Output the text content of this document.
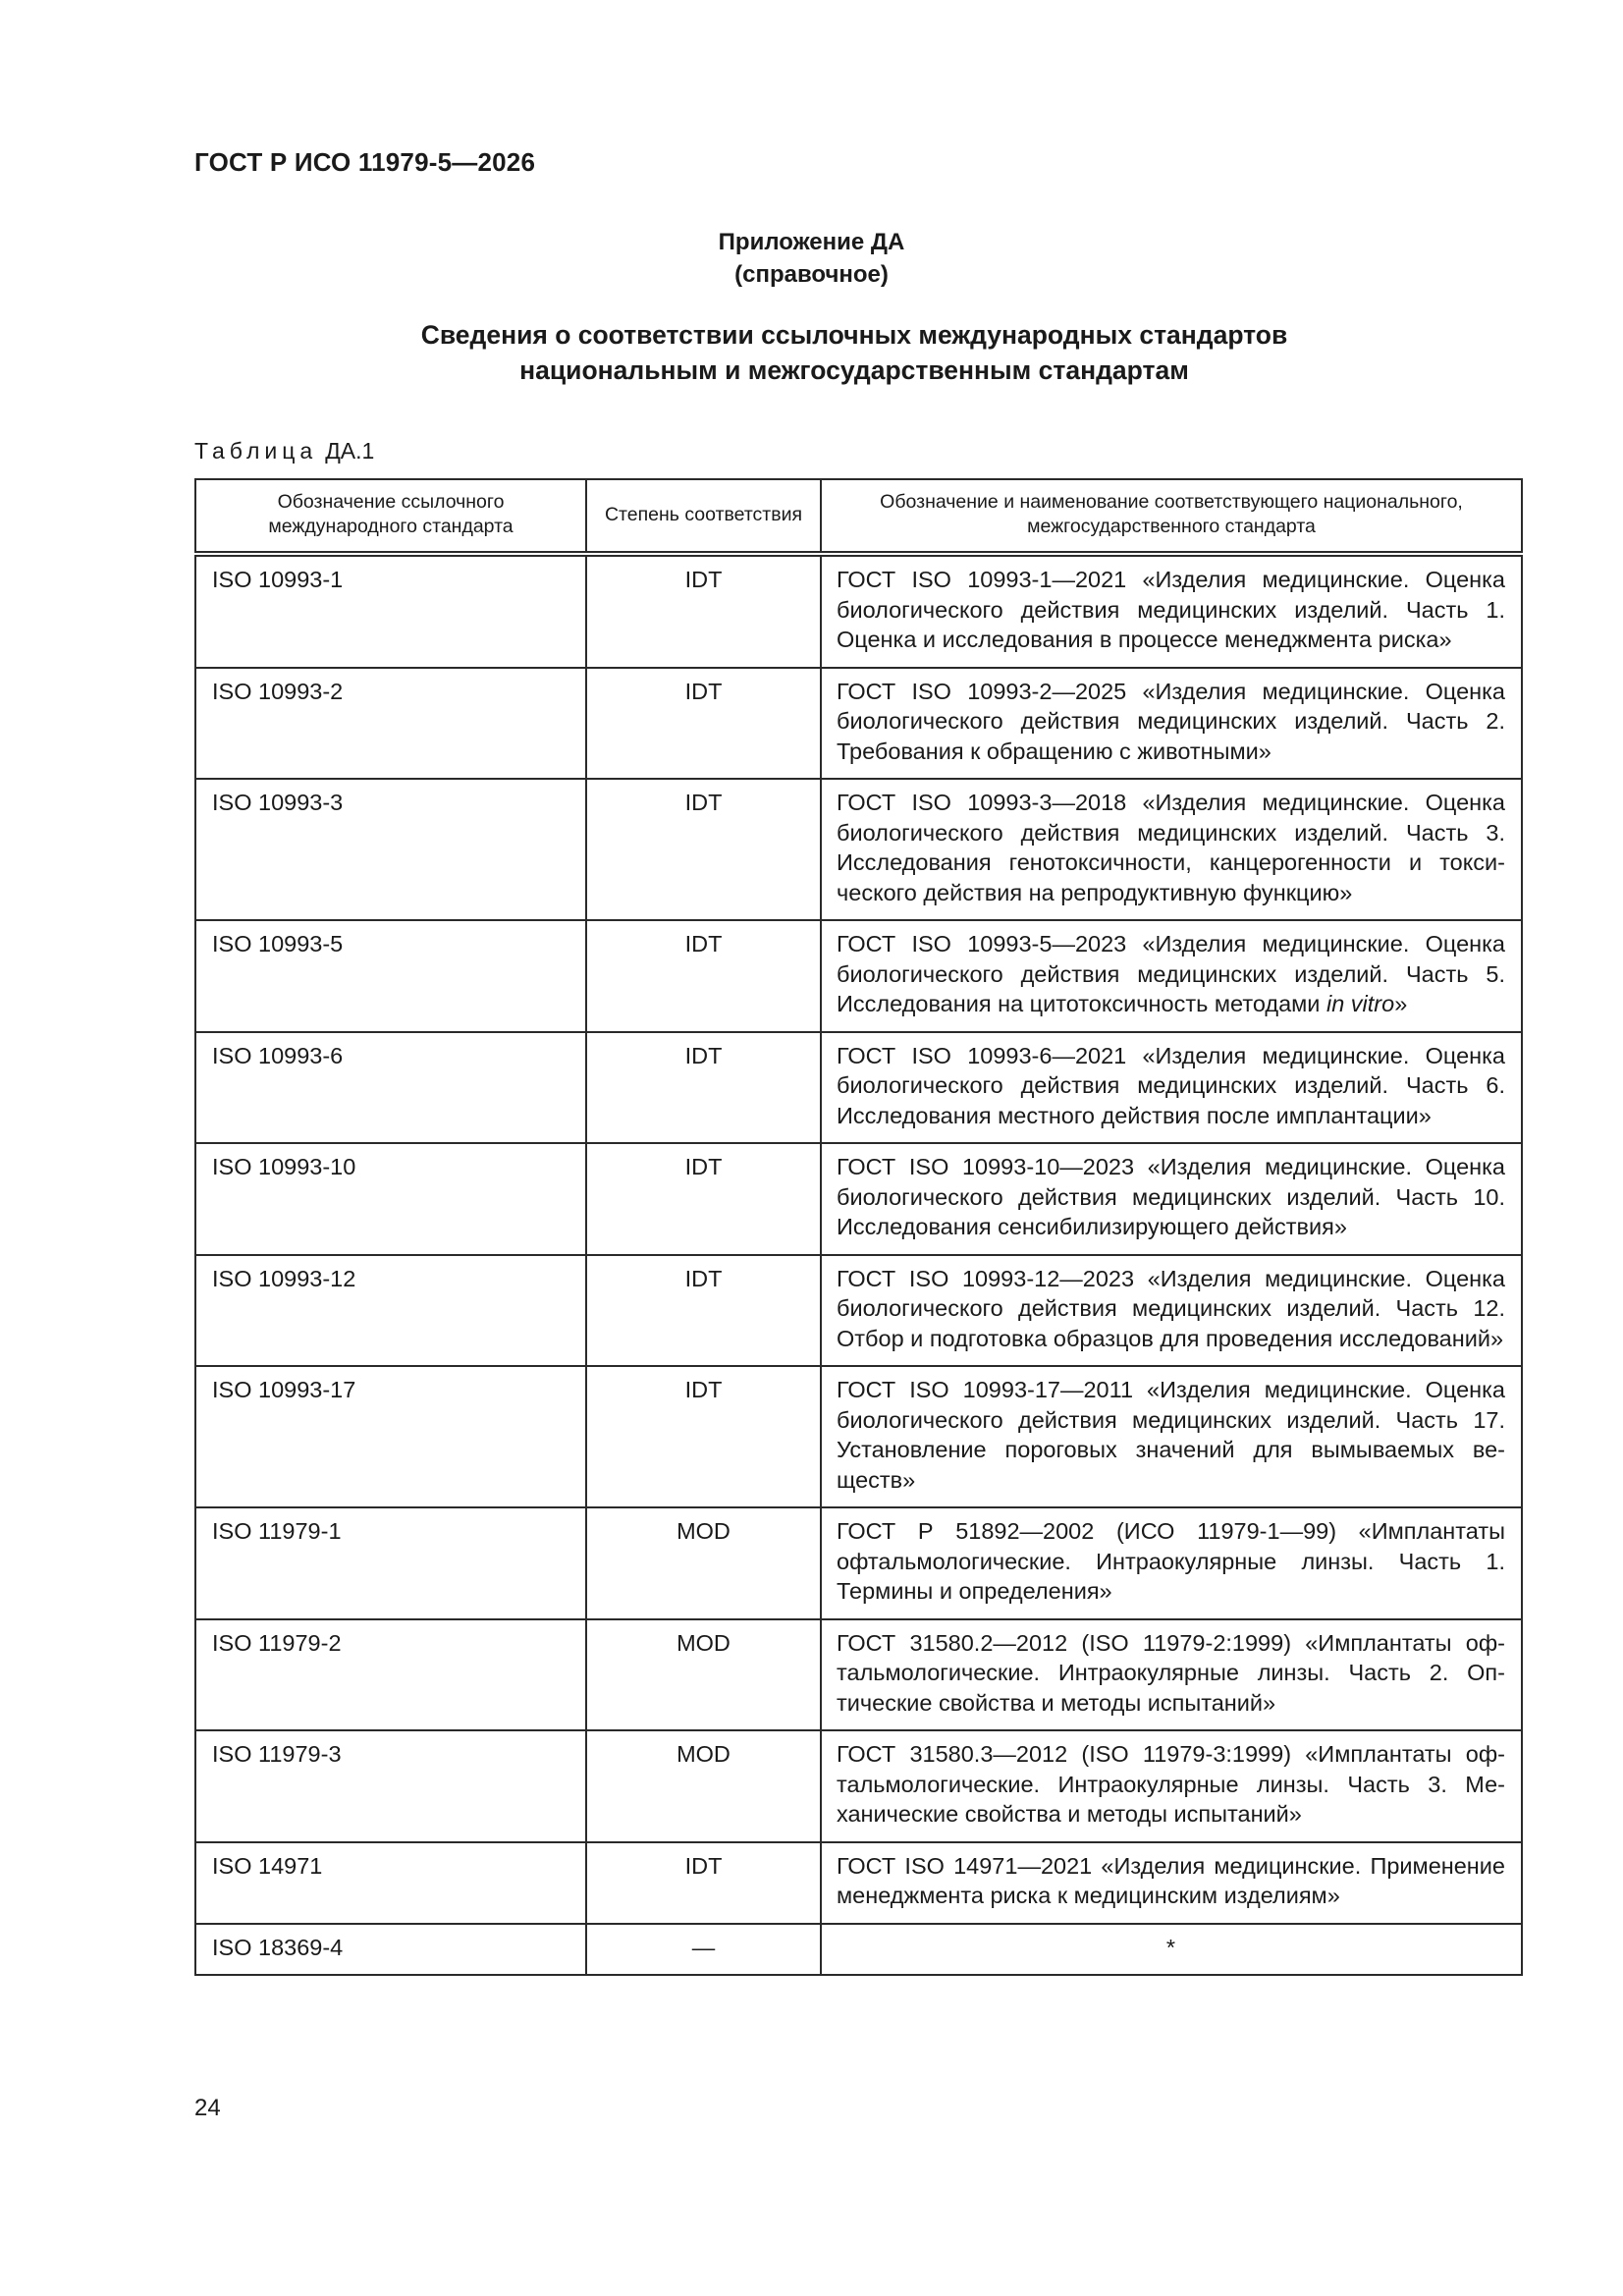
ГОСТ Р ИСО 11979-5—2026
Приложение ДА
(справочное)
Сведения о соответствии ссылочных международных стандартов
национальным и межгосударственным стандартам
Таблица ДА.1
Обозначение ссылочного международного стандарта	Степень соответствия	Обозначение и наименование соответствующего национального, межгосударственного стандарта
ISO 10993-1	IDT	ГОСТ ISO 10993-1—2021 «Изделия медицинские. Оценка биологического действия медицинских изделий. Часть 1. Оценка и исследования в процессе менеджмента риска»
ISO 10993-2	IDT	ГОСТ ISO 10993-2—2025 «Изделия медицинские. Оценка биологического действия медицинских изделий. Часть 2. Требования к обращению с животными»
ISO 10993-3	IDT	ГОСТ ISO 10993-3—2018 «Изделия медицинские. Оценка биологического действия медицинских изделий. Часть 3. Исследования генотоксичности, канцерогенности и токсического действия на репродуктивную функцию»
ISO 10993-5	IDT	ГОСТ ISO 10993-5—2023 «Изделия медицинские. Оценка биологического действия медицинских изделий. Часть 5. Исследования на цитотоксичность методами in vitro»
ISO 10993-6	IDT	ГОСТ ISO 10993-6—2021 «Изделия медицинские. Оценка биологического действия медицинских изделий. Часть 6. Исследования местного действия после имплантации»
ISO 10993-10	IDT	ГОСТ ISO 10993-10—2023 «Изделия медицинские. Оценка биологического действия медицинских изделий. Часть 10. Исследования сенсибилизирующего действия»
ISO 10993-12	IDT	ГОСТ ISO 10993-12—2023 «Изделия медицинские. Оценка биологического действия медицинских изделий. Часть 12. Отбор и подготовка образцов для проведения исследований»
ISO 10993-17	IDT	ГОСТ ISO 10993-17—2011 «Изделия медицинские. Оценка биологического действия медицинских изделий. Часть 17. Установление пороговых значений для вымываемых веществ»
ISO 11979-1	MOD	ГОСТ Р 51892—2002 (ИСО 11979-1—99) «Имплантаты офтальмологические. Интраокулярные линзы. Часть 1. Термины и определения»
ISO 11979-2	MOD	ГОСТ 31580.2—2012 (ISO 11979-2:1999) «Имплантаты офтальмологические. Интраокулярные линзы. Часть 2. Оптические свойства и методы испытаний»
ISO 11979-3	MOD	ГОСТ 31580.3—2012 (ISO 11979-3:1999) «Имплантаты офтальмологические. Интраокулярные линзы. Часть 3. Механические свойства и методы испытаний»
ISO 14971	IDT	ГОСТ ISO 14971—2021 «Изделия медицинские. Применение менеджмента риска к медицинским изделиям»
ISO 18369-4	—	*
24
